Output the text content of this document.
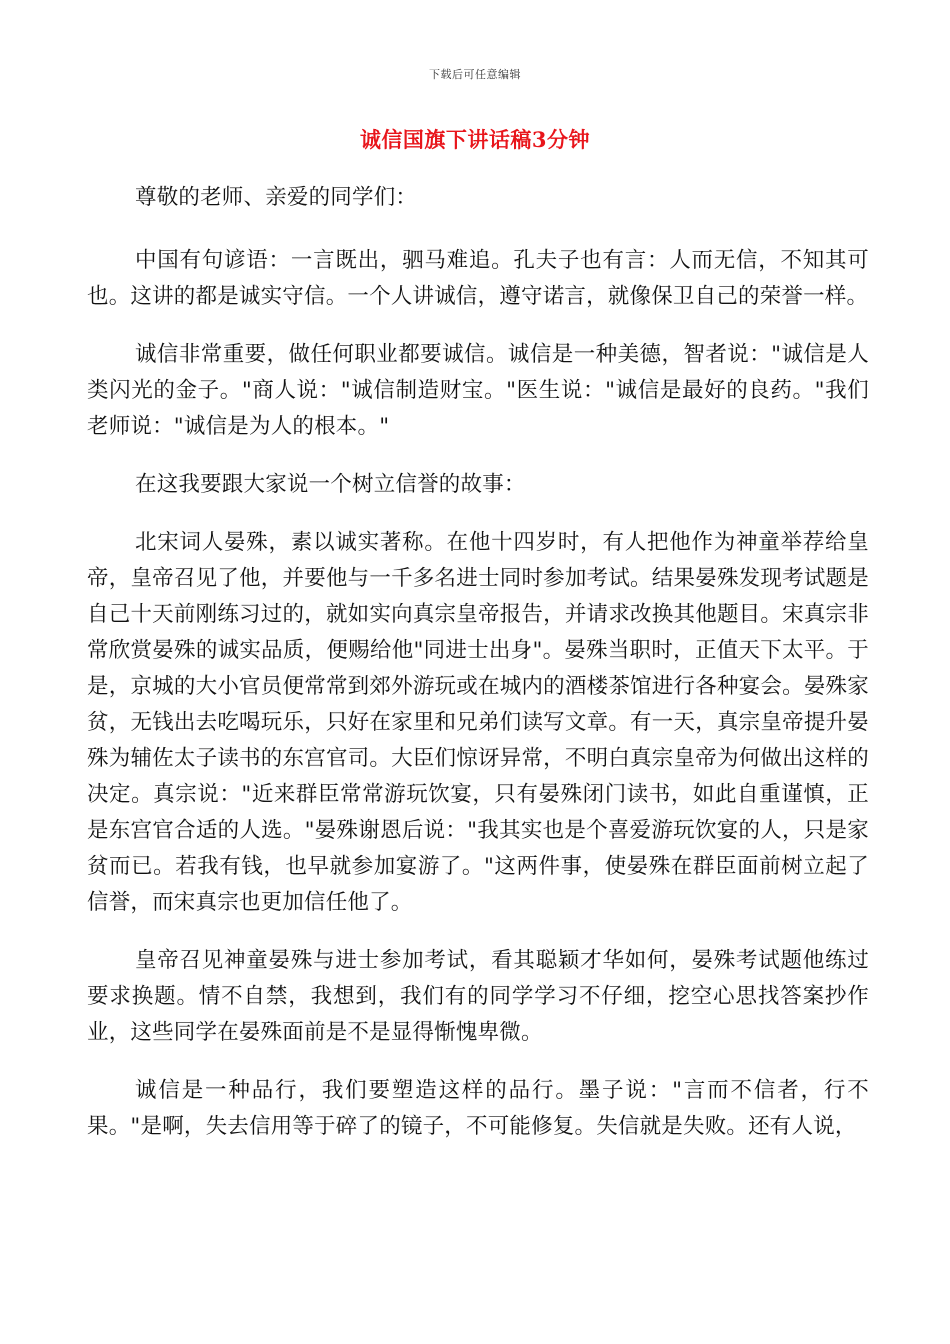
下载后可任意编辑
诚信国旗下讲话稿3分钟

尊敬的老师、亲爱的同学们：

中国有句谚语：一言既出，驷马难追。孔夫子也有言：人而无信，不知其可也。这讲的都是诚实守信。一个人讲诚信，遵守诺言，就像保卫自己的荣誉一样。

诚信非常重要，做任何职业都要诚信。诚信是一种美德，智者说："诚信是人类闪光的金子。"商人说："诚信制造财宝。"医生说："诚信是最好的良药。"我们老师说："诚信是为人的根本。"

在这我要跟大家说一个树立信誉的故事：

北宋词人晏殊，素以诚实著称。在他十四岁时，有人把他作为神童举荐给皇帝，皇帝召见了他，并要他与一千多名进士同时参加考试。结果晏殊发现考试题是自己十天前刚练习过的，就如实向真宗皇帝报告，并请求改换其他题目。宋真宗非常欣赏晏殊的诚实品质，便赐给他"同进士出身"。晏殊当职时，正值天下太平。于是，京城的大小官员便常常到郊外游玩或在城内的酒楼茶馆进行各种宴会。晏殊家贫，无钱出去吃喝玩乐，只好在家里和兄弟们读写文章。有一天，真宗皇帝提升晏殊为辅佐太子读书的东宫官司。大臣们惊讶异常，不明白真宗皇帝为何做出这样的决定。真宗说："近来群臣常常游玩饮宴，只有晏殊闭门读书，如此自重谨慎，正是东宫官合适的人选。"晏殊谢恩后说："我其实也是个喜爱游玩饮宴的人，只是家贫而已。若我有钱，也早就参加宴游了。"这两件事，使晏殊在群臣面前树立起了信誉，而宋真宗也更加信任他了。

皇帝召见神童晏殊与进士参加考试，看其聪颖才华如何，晏殊考试题他练过要求换题。情不自禁，我想到，我们有的同学学习不仔细，挖空心思找答案抄作业，这些同学在晏殊面前是不是显得惭愧卑微。

诚信是一种品行，我们要塑造这样的品行。墨子说："言而不信者，行不果。"是啊，失去信用等于碎了的镜子，不可能修复。失信就是失败。还有人说，
